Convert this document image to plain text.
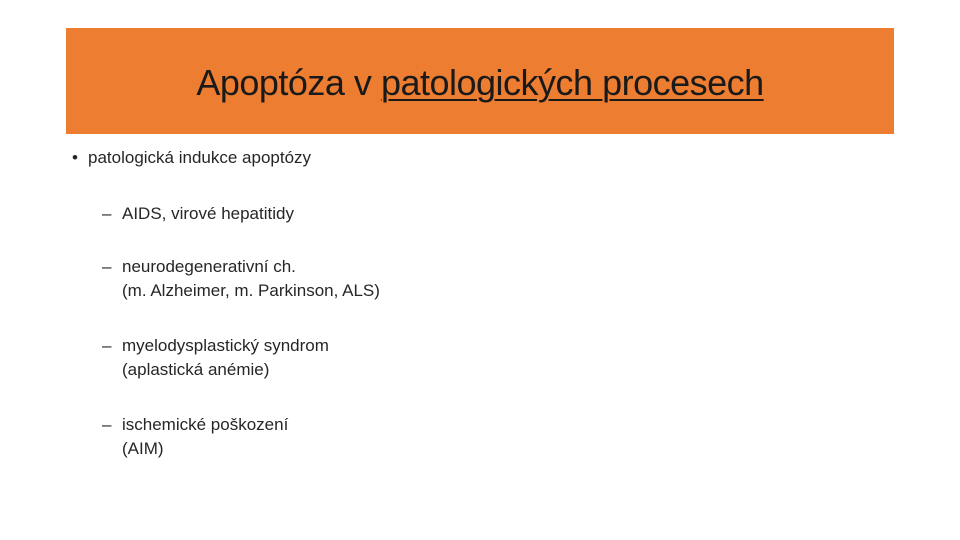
Apoptóza v patologických procesech
• patologická indukce apoptózy
– AIDS, virové hepatitidy
– neurodegenerativní ch.
(m. Alzheimer, m. Parkinson, ALS)
– myelodysplastický syndrom
(aplastická anémie)
– ischemické poškození
(AIM)
